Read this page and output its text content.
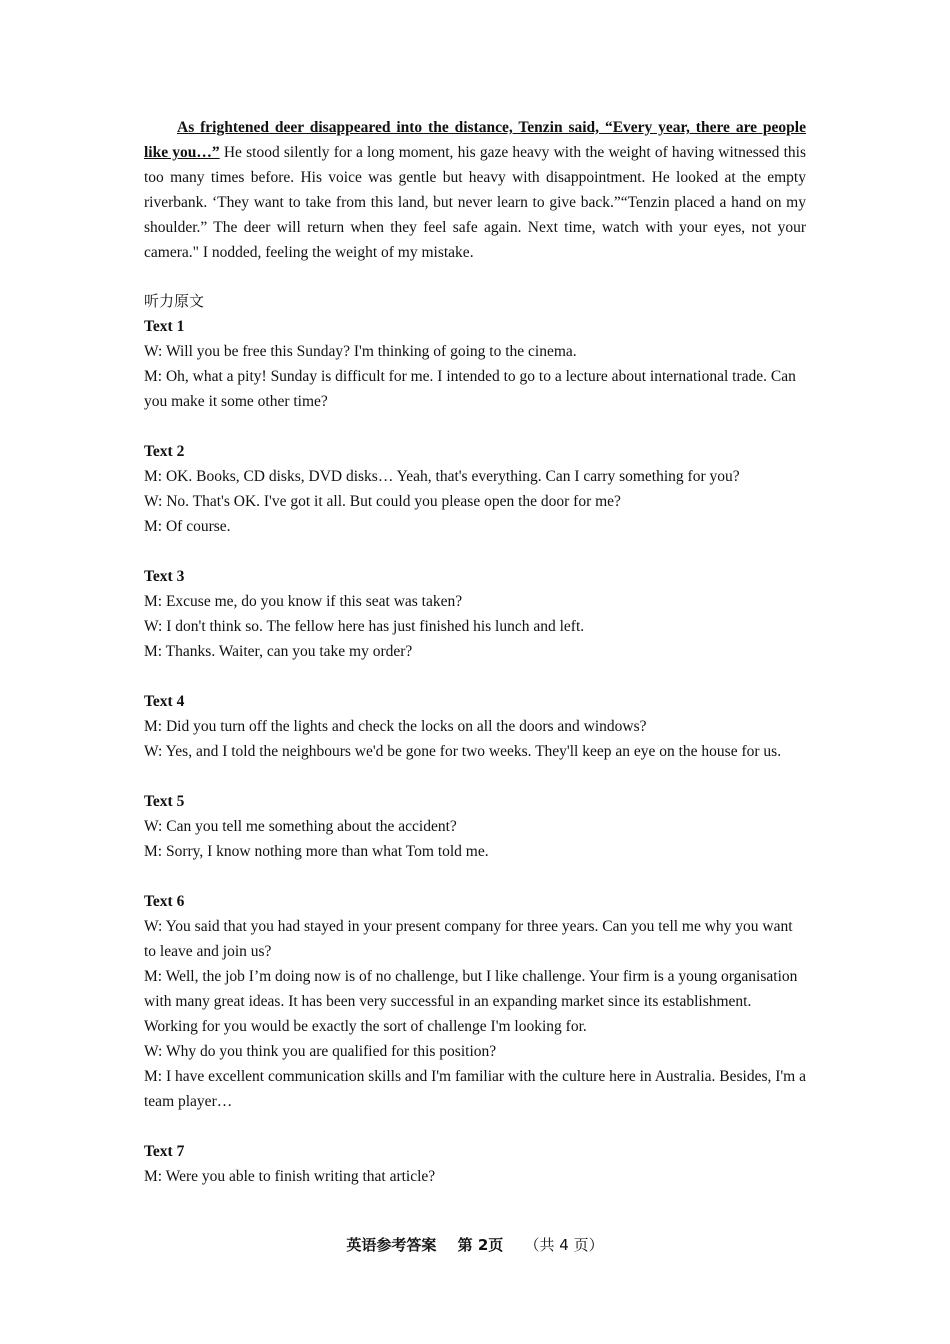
As frightened deer disappeared into the distance, Tenzin said, “Every year, there are people like you…” He stood silently for a long moment, his gaze heavy with the weight of having witnessed this too many times before. His voice was gentle but heavy with disappointment. He looked at the empty riverbank. ‘They want to take from this land, but never learn to give back.”“Tenzin placed a hand on my shoulder.” The deer will return when they feel safe again. Next time, watch with your eyes, not your camera." I nodded, feeling the weight of my mistake.

听力原文
Text 1
W: Will you be free this Sunday? I'm thinking of going to the cinema.
M: Oh, what a pity! Sunday is difficult for me. I intended to go to a lecture about international trade. Can you make it some other time?
Text 2
M: OK. Books, CD disks, DVD disks… Yeah, that's everything. Can I carry something for you?
W: No. That's OK. I've got it all. But could you please open the door for me?
M: Of course.
Text 3
M: Excuse me, do you know if this seat was taken?
W: I don't think so. The fellow here has just finished his lunch and left.
M: Thanks. Waiter, can you take my order?
Text 4
M: Did you turn off the lights and check the locks on all the doors and windows?
W: Yes, and I told the neighbours we'd be gone for two weeks. They'll keep an eye on the house for us.
Text 5
W: Can you tell me something about the accident?
M: Sorry, I know nothing more than what Tom told me.
Text 6
W: You said that you had stayed in your present company for three years. Can you tell me why you want to leave and join us?
M: Well, the job I’m doing now is of no challenge, but I like challenge. Your firm is a young organisation with many great ideas. It has been very successful in an expanding market since its establishment. Working for you would be exactly the sort of challenge I'm looking for.
W: Why do you think you are qualified for this position?
M: I have excellent communication skills and I'm familiar with the culture here in Australia. Besides, I'm a team player…
Text 7
M: Were you able to finish writing that article?
英语参考答案 第 2页 （共 4 页）
